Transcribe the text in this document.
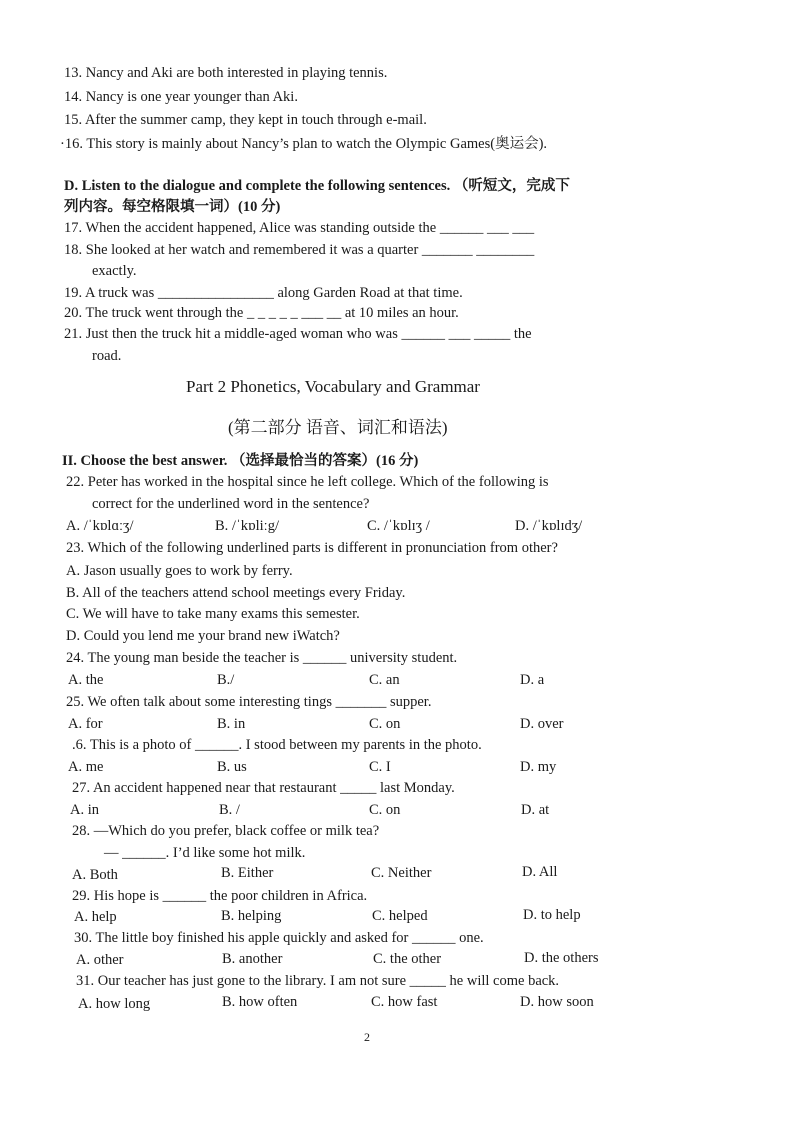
13. Nancy and Aki are both interested in playing tennis.
14. Nancy is one year younger than Aki.
15. After the summer camp, they kept in touch through e-mail.
·16. This story is mainly about Nancy’s plan to watch the Olympic Games(奥运会).
D. Listen to the dialogue and complete the following sentences. （听短文，完成下
列内容。每空格限填一词）(10 分)
17. When the accident happened, Alice was standing outside the ______ ___ ___
18. She looked at her watch and remembered it was a quarter _______ ________
exactly.
19. A truck was ________________ along Garden Road at that time.
20. The truck went through the _ _ _ _ _ ___ __ at 10 miles an hour.
21. Just then the truck hit a middle-aged woman who was ______ ___ _____ the
road.
Part 2 Phonetics, Vocabulary and Grammar
(第二部分 语音、词汇和语法)
II. Choose the best answer. （选择最恰当的答案）(16 分)
22. Peter has worked in the hospital since he left college. Which of the following is
correct for the underlined word in the sentence?
A. /ˈkɒlɑːʒ/	B. /ˈkɒliːg/	C. /ˈkɒlɪʒ /	D. /ˈkɒlɪdʒ/
23. Which of the following underlined parts is different in pronunciation from other?
A. Jason usually goes to work by ferry.
B. All of the teachers attend school meetings every Friday.
C. We will have to take many exams this semester.
D. Could you lend me your brand new iWatch?
24. The young man beside the teacher is ______ university student.
A. the	B./	C. an	D. a
25. We often talk about some interesting tings _______ supper.
A. for	B. in	C. on	D. over
.6. This is a photo of ______. I stood between my parents in the photo.
A. me	B. us	C. I	D. my
27. An accident happened near that restaurant _____ last Monday.
A. in	B. /	C. on	D. at
28. —Which do you prefer, black coffee or milk tea?
— ______. I’d like some hot milk.
A. Both	B. Either	C. Neither	D. All
29. His hope is ______ the poor children in Africa.
A. help	B. helping	C. helped	D. to help
30. The little boy finished his apple quickly and asked for ______ one.
A. other	B. another	C. the other	D. the others
31. Our teacher has just gone to the library. I am not sure _____ he will come back.
A. how long	B. how often	C. how fast	D. how soon
2
